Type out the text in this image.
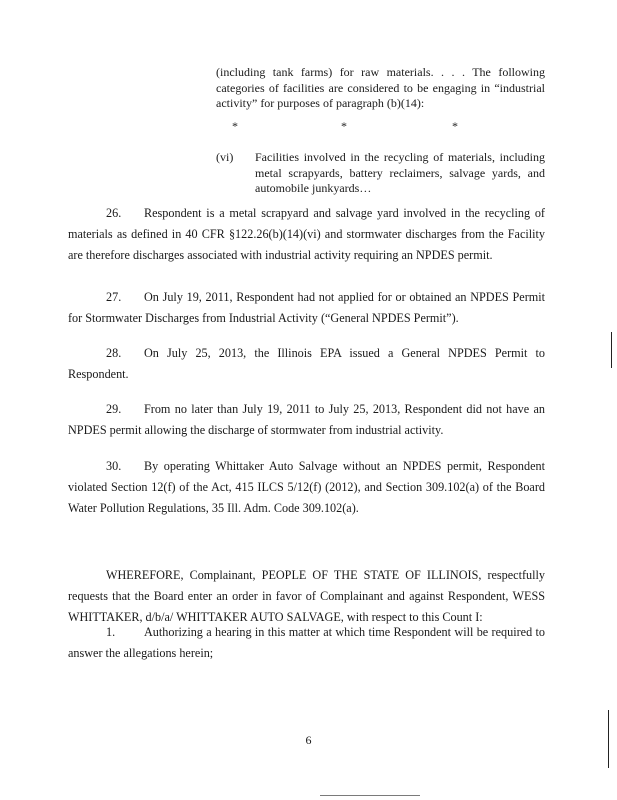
(including tank farms) for raw materials. . . . The following categories of facilities are considered to be engaging in “industrial activity” for purposes of paragraph (b)(14):
*	*	*
(vi) Facilities involved in the recycling of materials, including metal scrapyards, battery reclaimers, salvage yards, and automobile junkyards…
26. Respondent is a metal scrapyard and salvage yard involved in the recycling of
materials as defined in 40 CFR §122.26(b)(14)(vi) and stormwater discharges from the Facility
are therefore discharges associated with industrial activity requiring an NPDES permit.
27. On July 19, 2011, Respondent had not applied for or obtained an NPDES Permit
for Stormwater Discharges from Industrial Activity (“General NPDES Permit”).
28. On July 25, 2013, the Illinois EPA issued a General NPDES Permit to
Respondent.
29. From no later than July 19, 2011 to July 25, 2013, Respondent did not have an
NPDES permit allowing the discharge of stormwater from industrial activity.
30. By operating Whittaker Auto Salvage without an NPDES permit, Respondent
violated Section 12(f) of the Act, 415 ILCS 5/12(f) (2012), and Section 309.102(a) of the Board
Water Pollution Regulations, 35 Ill. Adm. Code 309.102(a).
WHEREFORE, Complainant, PEOPLE OF THE STATE OF ILLINOIS, respectfully
requests that the Board enter an order in favor of Complainant and against Respondent, WESS
WHITTAKER, d/b/a/ WHITTAKER AUTO SALVAGE, with respect to this Count I:
1. Authorizing a hearing in this matter at which time Respondent will be required to
answer the allegations herein;
6
